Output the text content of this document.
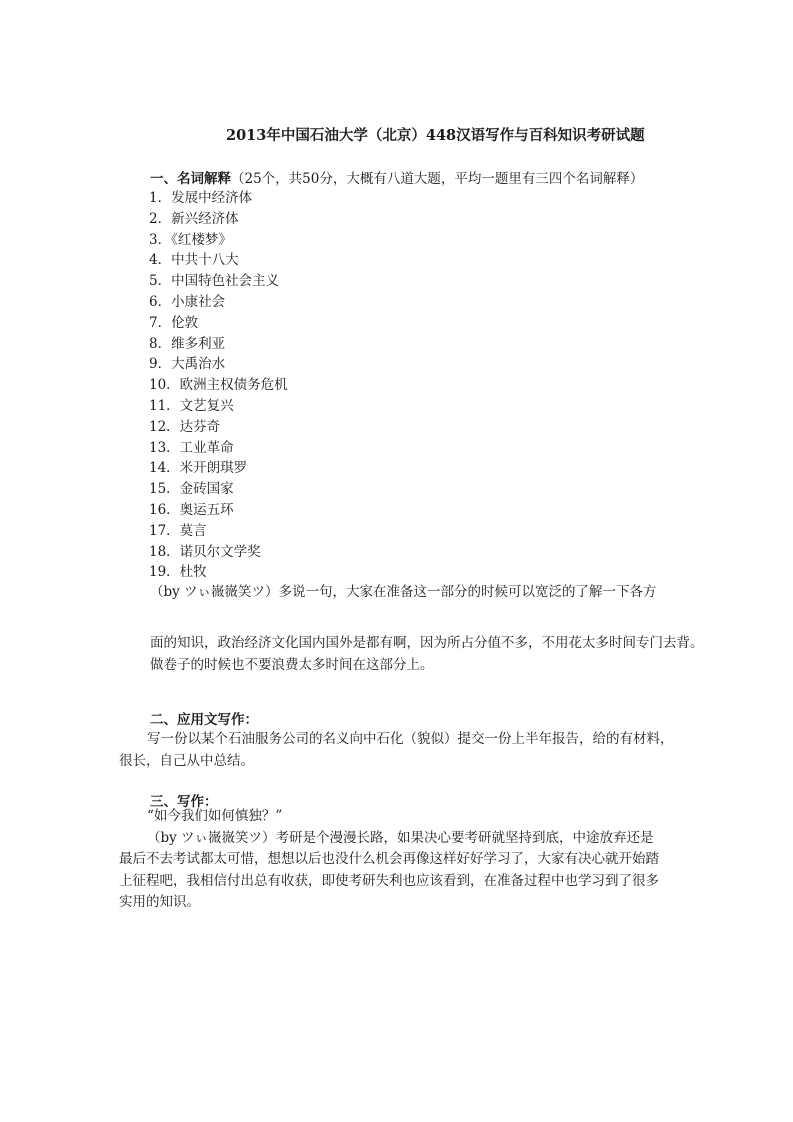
2013年中国石油大学（北京）448汉语写作与百科知识考研试题
一、名词解释（25个，共50分，大概有八道大题，平均一题里有三四个名词解释）
1．发展中经济体
2．新兴经济体
3．《红楼梦》
4．中共十八大
5．中国特色社会主义
6．小康社会
7．伦敦
8．维多利亚
9．大禹治水
10．欧洲主权债务危机
11．文艺复兴
12．达芬奇
13．工业革命
14．米开朗琪罗
15．金砖国家
16．奥运五环
17．莫言
18．诺贝尔文学奖
19．杜牧
（by ツぃ嶶嶶笑ツ）多说一句，大家在准备这一部分的时候可以宽泛的了解一下各方
面的知识，政治经济文化国内国外是都有啊，因为所占分值不多，不用花太多时间专门去背。
做卷子的时候也不要浪费太多时间在这部分上。
二、应用文写作：
写一份以某个石油服务公司的名义向中石化（貌似）提交一份上半年报告，给的有材料，
很长，自己从中总结。
三、写作：
“如今我们如何慎独？”
（by ツぃ嶶嶶笑ツ）考研是个漫漫长路，如果决心要考研就坚持到底，中途放弃还是
最后不去考试都太可惜，想想以后也没什么机会再像这样好好学习了，大家有决心就开始踏
上征程吧，我相信付出总有收获，即使考研失利也应该看到，在准备过程中也学习到了很多
实用的知识。
